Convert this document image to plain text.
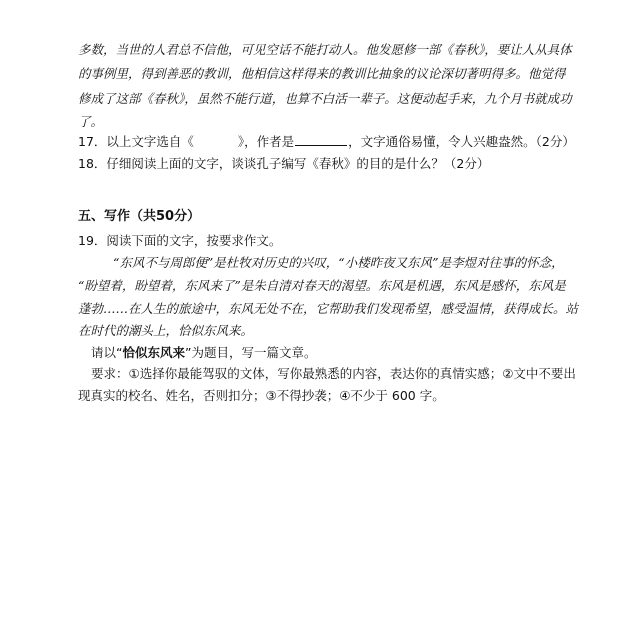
多数，当世的人君总不信他，可见空话不能打动人。他发愿修一部《春秋》，要让人从具体
的事例里，得到善恶的教训，他相信这样得来的教训比抽象的议论深切著明得多。他觉得
修成了这部《春秋》，虽然不能行道，也算不白活一辈子。这便动起手来，九个月书就成功
了。
17．以上文字选自《	》，作者是	，文字通俗易懂，令人兴趣盎然。（2分）
18．仔细阅读上面的文字，谈谈孔子编写《春秋》的目的是什么？（2分）
五、写作（共50分）
19．阅读下面的文字，按要求作文。
“东风不与周郎便”是杜牧对历史的兴叹，“小楼昨夜又东风”是李煜对往事的怀念，
“盼望着，盼望着，东风来了”是朱自清对春天的渴望。东风是机遇，东风是感怀，东风是
蓬勃……在人生的旅途中，东风无处不在，它帮助我们发现希望，感受温情，获得成长。站
在时代的潮头上，恰似东风来。
请以“恰似东风来”为题目，写一篇文章。
要求：①选择你最能驾驭的文体，写你最熟悉的内容，表达你的真情实感；②文中不要出
现真实的校名、姓名，否则扣分；③不得抄袭；④不少于 600 字。
